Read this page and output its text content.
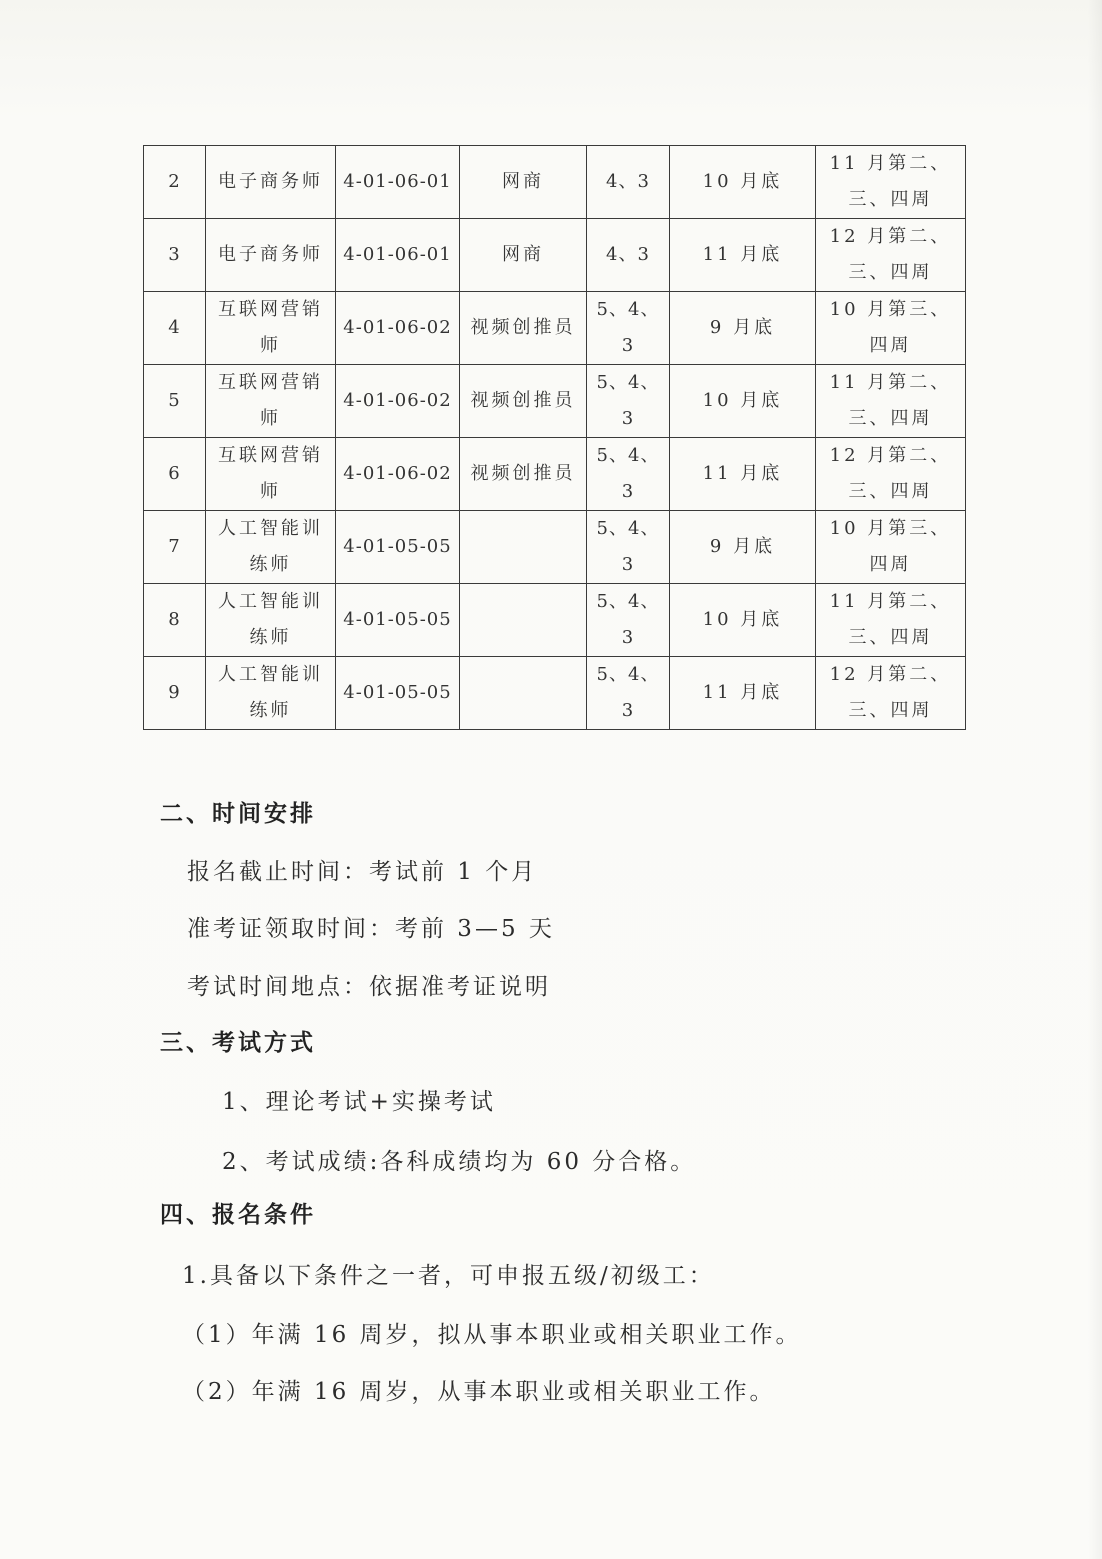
2	电子商务师	4-01-06-01	网商	4、3	10 月底	11 月第二、三、四周
3	电子商务师	4-01-06-01	网商	4、3	11 月底	12 月第二、三、四周
4	互联网营销师	4-01-06-02	视频创推员	5、4、3	9 月底	10 月第三、四周
5	互联网营销师	4-01-06-02	视频创推员	5、4、3	10 月底	11 月第二、三、四周
6	互联网营销师	4-01-06-02	视频创推员	5、4、3	11 月底	12 月第二、三、四周
7	人工智能训练师	4-01-05-05		5、4、3	9 月底	10 月第三、四周
8	人工智能训练师	4-01-05-05		5、4、3	10 月底	11 月第二、三、四周
9	人工智能训练师	4-01-05-05		5、4、3	11 月底	12 月第二、三、四周
二、时间安排
报名截止时间：考试前 1 个月
准考证领取时间：考前 3—5 天
考试时间地点：依据准考证说明
三、考试方式
1、理论考试+实操考试
2、考试成绩:各科成绩均为 60 分合格。
四、报名条件
1.具备以下条件之一者，可申报五级/初级工：
（1）年满 16 周岁，拟从事本职业或相关职业工作。
（2）年满 16 周岁，从事本职业或相关职业工作。
